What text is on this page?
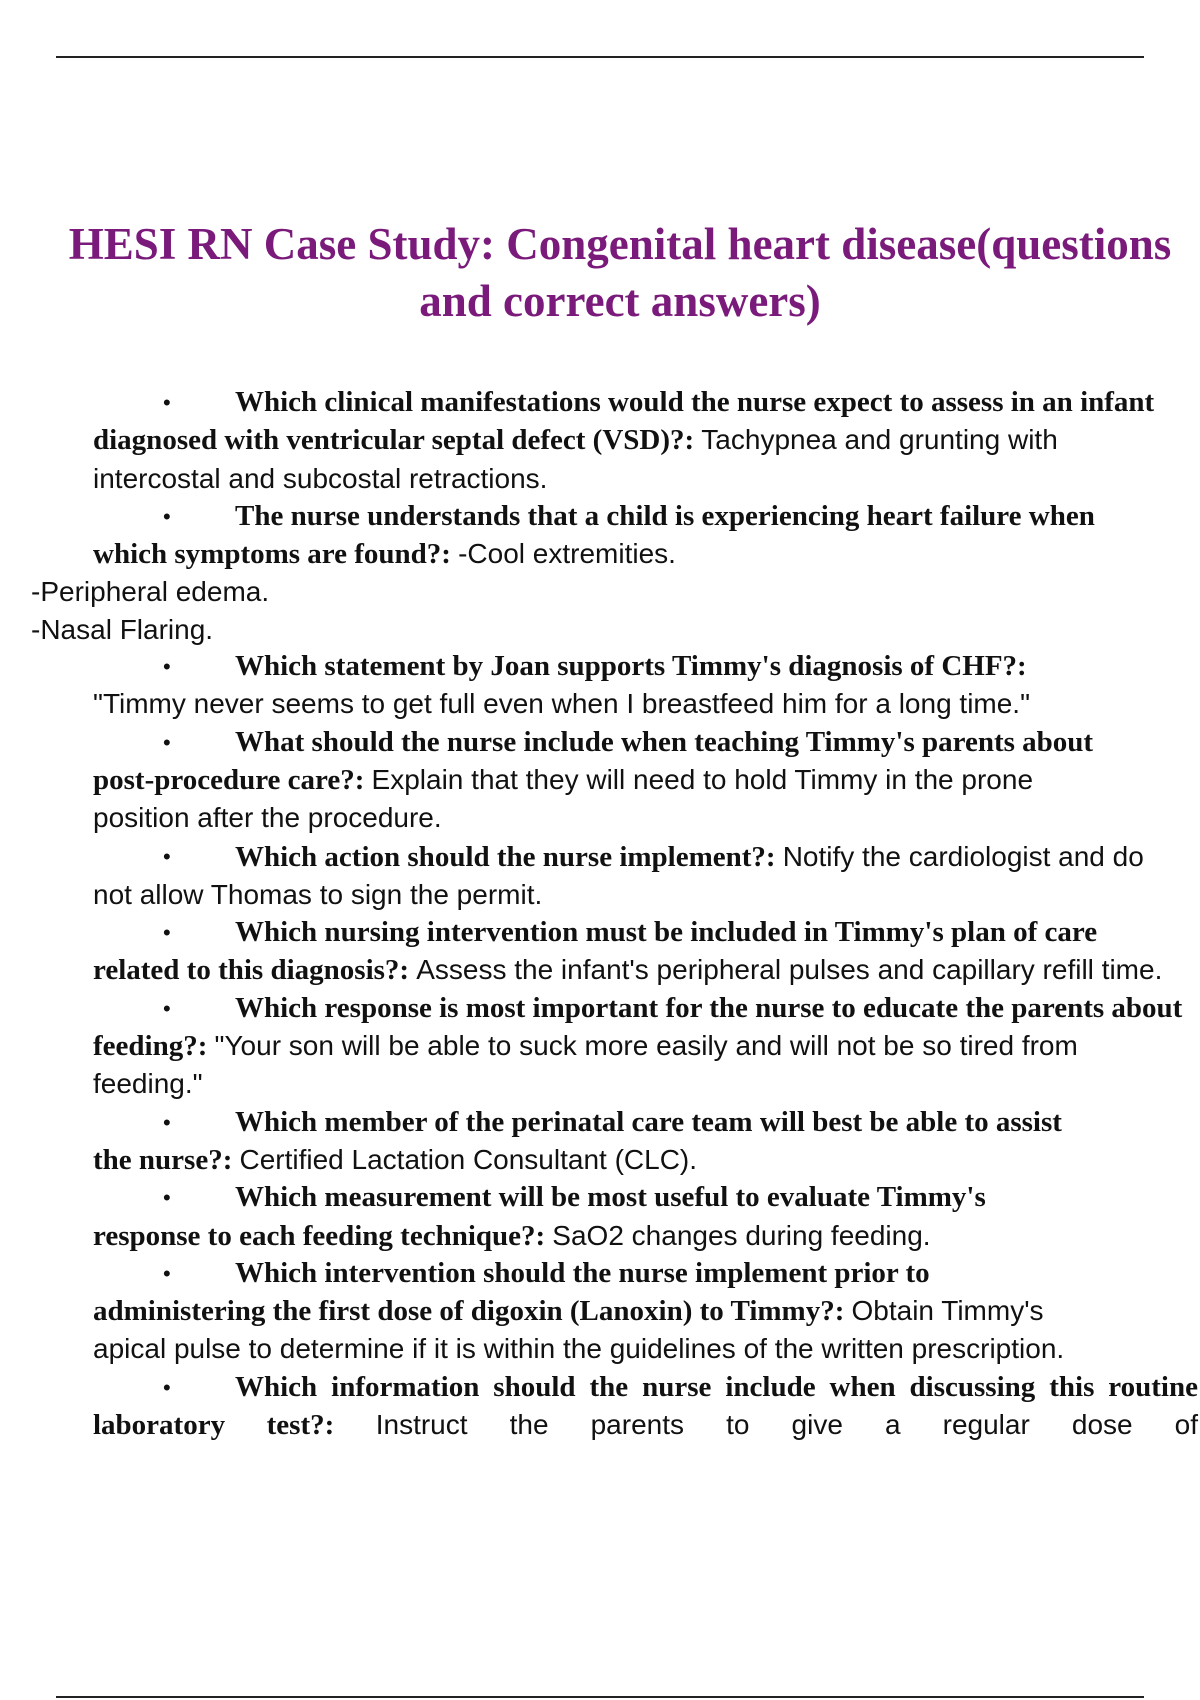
HESI RN Case Study: Congenital heart disease(questions
and correct answers)

• Which clinical manifestations would the nurse expect to assess in an infant diagnosed with ventricular septal defect (VSD)?: Tachypnea and grunting with intercostal and subcostal retractions.

• The nurse understands that a child is experiencing heart failure when which symptoms are found?: -Cool extremities.
-Peripheral edema.
-Nasal Flaring.

• Which statement by Joan supports Timmy's diagnosis of CHF?: "Timmy never seems to get full even when I breastfeed him for a long time."

• What should the nurse include when teaching Timmy's parents about post-procedure care?: Explain that they will need to hold Timmy in the prone position after the procedure.

• Which action should the nurse implement?: Notify the cardiologist and do not allow Thomas to sign the permit.

• Which nursing intervention must be included in Timmy's plan of care related to this diagnosis?: Assess the infant's peripheral pulses and capillary refill time.

• Which response is most important for the nurse to educate the parents about feeding?: "Your son will be able to suck more easily and will not be so tired from feeding."

• Which member of the perinatal care team will best be able to assist the nurse?: Certified Lactation Consultant (CLC).

• Which measurement will be most useful to evaluate Timmy's response to each feeding technique?: SaO2 changes during feeding.

• Which intervention should the nurse implement prior to administering the first dose of digoxin (Lanoxin) to Timmy?: Obtain Timmy's apical pulse to determine if it is within the guidelines of the written prescription.

• Which information should the nurse include when discussing this routine laboratory test?: Instruct the parents to give a regular dose of
